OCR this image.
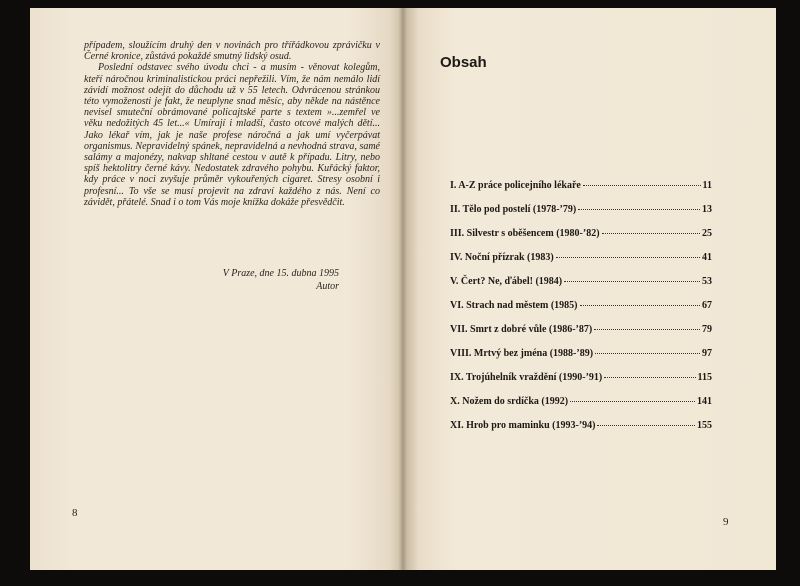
případem, sloužícím druhý den v novinách pro třířádkovou zprávičku v Černé kronice, zůstává pokaždé smutný lidský osud.

Poslední odstavec svého úvodu chci - a musím - věnovat kolegům, kteří náročnou kriminalistickou práci nepřežili. Vím, že nám nemálo lidí závidí možnost odejít do důchodu už v 55 letech. Odvrácenou stránkou této vymoženosti je fakt, že neuplyne snad měsíc, aby někde na nástěnce nevisel smuteční obrámované policajtské parte s textem »...zemřel ve věku nedožitých 45 let...« Umírají i mladší, často otcové malých dětí... Jako lékař vím, jak je naše profese náročná a jak umí vyčerpávat organismus. Nepravidelný spánek, nepravidelná a nevhodná strava, samé salámy a majonézy, nakvap shltané cestou v autě k případu. Litry, nebo spíš hektolitry černé kávy. Nedostatek zdravého pohybu. Kuřácký faktor, kdy práce v noci zvyšuje průměr vykouřených cigaret. Stresy osobní i profesní... To vše se musí projevit na zdraví každého z nás. Není co závidět, přátelé. Snad i o tom Vás moje knížka dokáže přesvědčit.

V Praze, dne 15. dubna 1995
Autor
8
Obsah
I. A-Z práce policejního lékaře	11
II. Tělo pod postelí (1978-’79)	13
III. Silvestr s oběšencem (1980-’82)	25
IV. Noční přízrak (1983)	41
V. Čert? Ne, ďábel! (1984)	53
VI. Strach nad městem (1985)	67
VII. Smrt z dobré vůle (1986-’87)	79
VIII. Mrtvý bez jména (1988-’89)	97
IX. Trojúhelník vraždění (1990-’91)	115
X. Nožem do srdíčka (1992)	141
XI. Hrob pro maminku (1993-’94)	155
9
